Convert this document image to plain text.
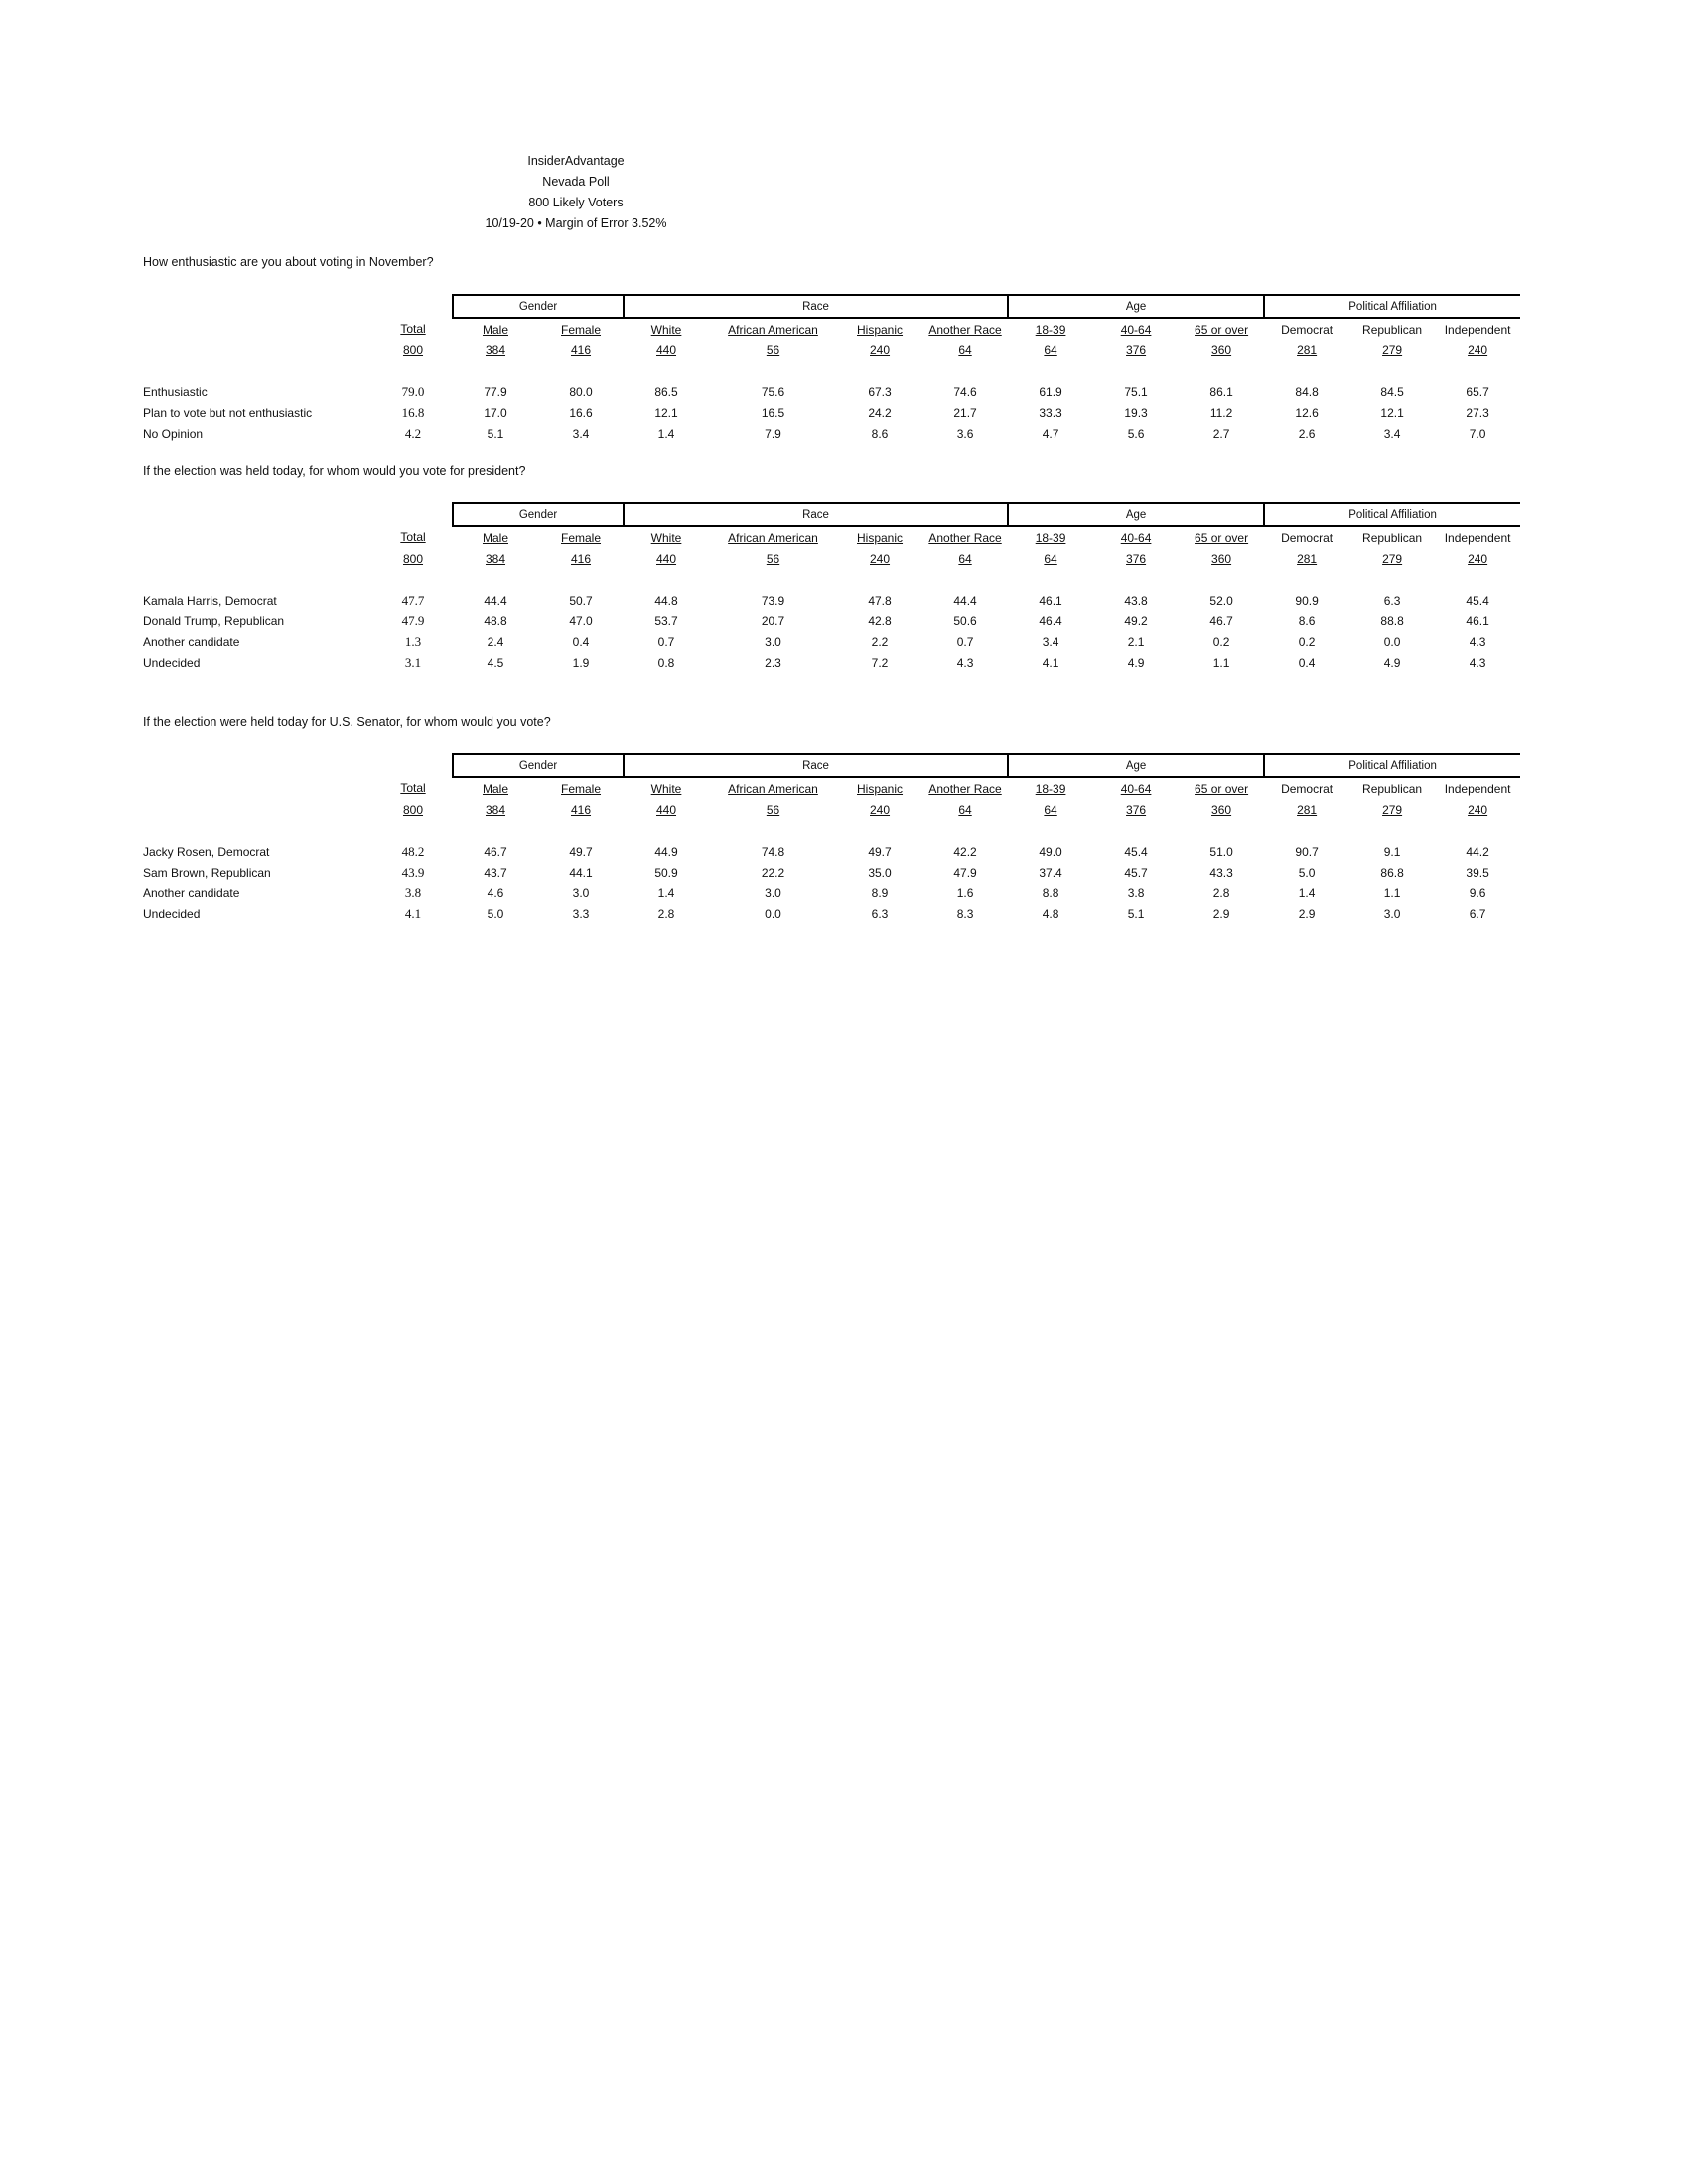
InsiderAdvantage
Nevada Poll
800 Likely Voters
10/19-20 • Margin of Error 3.52%
How enthusiastic are you about voting in November?
		Gender		Race				Age			Political Affiliation		
	Total	Male	Female	White	African American	Hispanic	Another Race	18-39	40-64	65 or over	Democrat	Republican	Independent
	800	384	416	440	56	240	64	64	376	360	281	279	240

Enthusiastic	79.0	77.9	80.0	86.5	75.6	67.3	74.6	61.9	75.1	86.1	84.8	84.5	65.7
Plan to vote but not enthusiastic	16.8	17.0	16.6	12.1	16.5	24.2	21.7	33.3	19.3	11.2	12.6	12.1	27.3
No Opinion	4.2	5.1	3.4	1.4	7.9	8.6	3.6	4.7	5.6	2.7	2.6	3.4	7.0
If the election was held today, for whom would you vote for president?
		Gender		Race				Age			Political Affiliation		
	Total	Male	Female	White	African American	Hispanic	Another Race	18-39	40-64	65 or over	Democrat	Republican	Independent
	800	384	416	440	56	240	64	64	376	360	281	279	240

Kamala Harris, Democrat	47.7	44.4	50.7	44.8	73.9	47.8	44.4	46.1	43.8	52.0	90.9	6.3	45.4
Donald Trump, Republican	47.9	48.8	47.0	53.7	20.7	42.8	50.6	46.4	49.2	46.7	8.6	88.8	46.1
Another candidate	1.3	2.4	0.4	0.7	3.0	2.2	0.7	3.4	2.1	0.2	0.2	0.0	4.3
Undecided	3.1	4.5	1.9	0.8	2.3	7.2	4.3	4.1	4.9	1.1	0.4	4.9	4.3
If the election were held today for U.S. Senator, for whom would you vote?
		Gender		Race				Age			Political Affiliation		
	Total	Male	Female	White	African American	Hispanic	Another Race	18-39	40-64	65 or over	Democrat	Republican	Independent
	800	384	416	440	56	240	64	64	376	360	281	279	240

Jacky Rosen, Democrat	48.2	46.7	49.7	44.9	74.8	49.7	42.2	49.0	45.4	51.0	90.7	9.1	44.2
Sam Brown, Republican	43.9	43.7	44.1	50.9	22.2	35.0	47.9	37.4	45.7	43.3	5.0	86.8	39.5
Another candidate	3.8	4.6	3.0	1.4	3.0	8.9	1.6	8.8	3.8	2.8	1.4	1.1	9.6
Undecided	4.1	5.0	3.3	2.8	0.0	6.3	8.3	4.8	5.1	2.9	2.9	3.0	6.7
